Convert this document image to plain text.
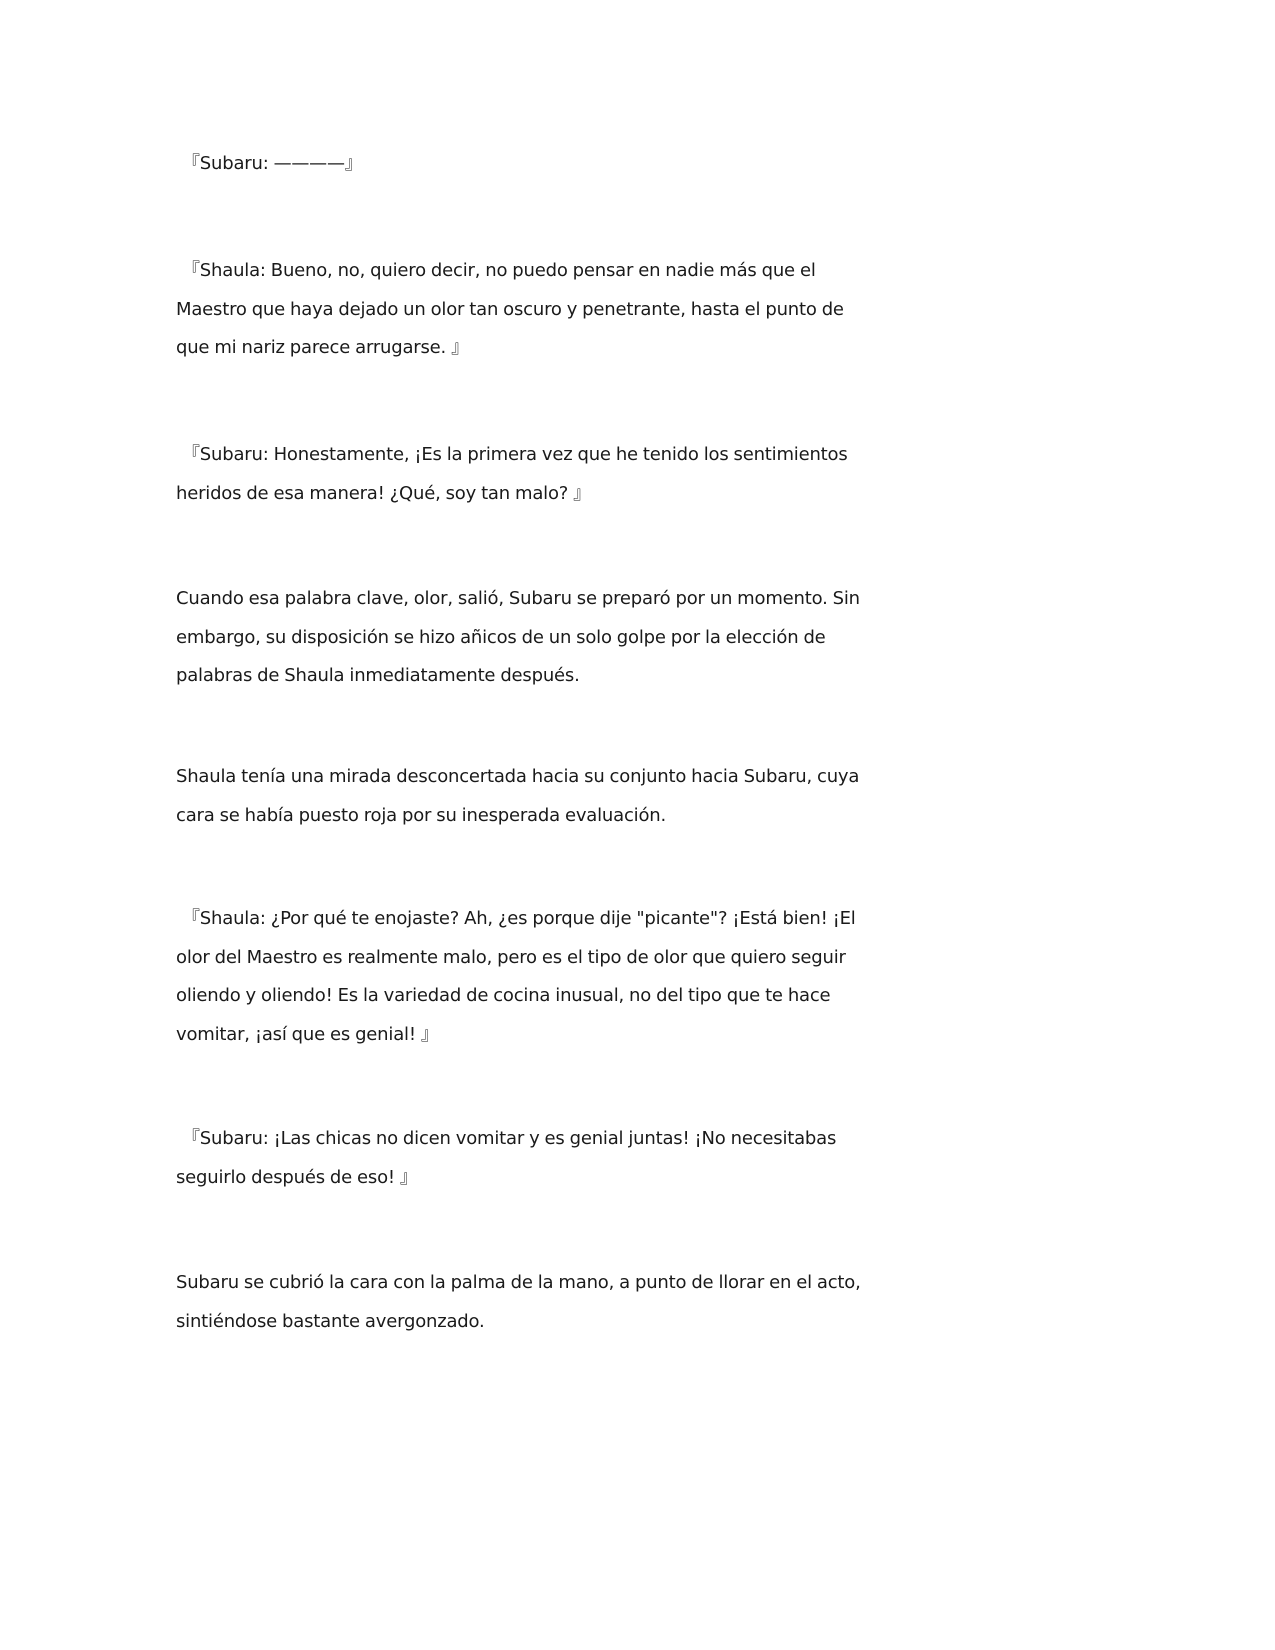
『Subaru: ————』

『Shaula: Bueno, no, quiero decir, no puedo pensar en nadie más que el
Maestro que haya dejado un olor tan oscuro y penetrante, hasta el punto de
que mi nariz parece arrugarse. 』

『Subaru: Honestamente, ¡Es la primera vez que he tenido los sentimientos
heridos de esa manera! ¿Qué, soy tan malo? 』

Cuando esa palabra clave, olor, salió, Subaru se preparó por un momento. Sin
embargo, su disposición se hizo añicos de un solo golpe por la elección de
palabras de Shaula inmediatamente después.

Shaula tenía una mirada desconcertada hacia su conjunto hacia Subaru, cuya
cara se había puesto roja por su inesperada evaluación.

『Shaula: ¿Por qué te enojaste? Ah, ¿es porque dije "picante"? ¡Está bien! ¡El
olor del Maestro es realmente malo, pero es el tipo de olor que quiero seguir
oliendo y oliendo! Es la variedad de cocina inusual, no del tipo que te hace
vomitar, ¡así que es genial! 』

『Subaru: ¡Las chicas no dicen vomitar y es genial juntas! ¡No necesitabas
seguirlo después de eso! 』

Subaru se cubrió la cara con la palma de la mano, a punto de llorar en el acto,
sintiéndose bastante avergonzado.
